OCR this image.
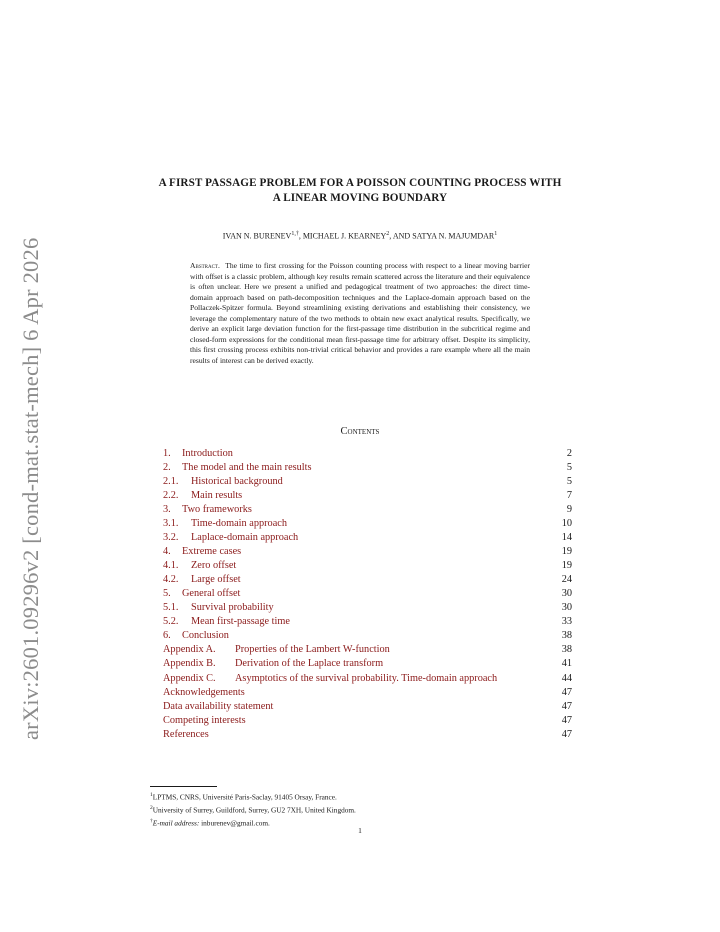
arXiv:2601.09296v2 [cond-mat.stat-mech] 6 Apr 2026
A FIRST PASSAGE PROBLEM FOR A POISSON COUNTING PROCESS WITH
A LINEAR MOVING BOUNDARY
IVAN N. $BURENEV^{1,\dagger}$, MICHAEL J. KEARNEY$^2$, AND SATYA N. MAJUMDAR$^1$
Abstract. The time to first crossing for the Poisson counting process with respect to a linear moving barrier with offset is a classic problem, although key results remain scattered across the literature and their equivalence is often unclear. Here we present a unified and pedagogical treatment of two approaches: the direct time-domain approach based on path-decomposition techniques and the Laplace-domain approach based on the Pollaczek-Spitzer formula. Beyond streamlining existing derivations and establishing their consistency, we leverage the complementary nature of the two methods to obtain new exact analytical results. Specifically, we derive an explicit large deviation function for the first-passage time distribution in the subcritical regime and closed-form expressions for the conditional mean first-passage time for arbitrary offset. Despite its simplicity, this first crossing process exhibits non-trivial critical behavior and provides a rare example where all the main results of interest can be derived exactly.
Contents
1. Introduction	2
2. The model and the main results	5
2.1. Historical background	5
2.2. Main results	7
3. Two frameworks	9
3.1. Time-domain approach	10
3.2. Laplace-domain approach	14
4. Extreme cases	19
4.1. Zero offset	19
4.2. Large offset	24
5. General offset	30
5.1. Survival probability	30
5.2. Mean first-passage time	33
6. Conclusion	38
Appendix A. Properties of the Lambert W-function	38
Appendix B. Derivation of the Laplace transform	41
Appendix C. Asymptotics of the survival probability. Time-domain approach	44
Acknowledgements	47
Data availability statement	47
Competing interests	47
References	47
$^1$LPTMS, CNRS, Université Paris-Saclay, 91405 Orsay, France.
$^2$University of Surrey, Guildford, Surrey, GU2 7XH, United Kingdom.
†E-mail address: inburenev@gmail.com.
1
